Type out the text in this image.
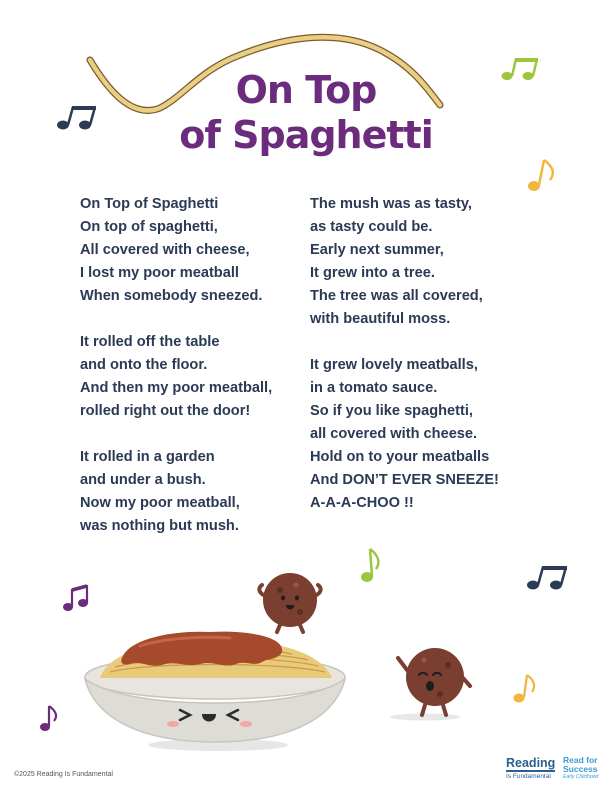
On Top
of Spaghetti
On Top of Spaghetti
On top of spaghetti,
All covered with cheese,
I lost my poor meatball
When somebody sneezed.
It rolled off the table
and onto the floor.
And then my poor meatball,
rolled right out the door!
It rolled in a garden
and under a bush.
Now my poor meatball,
was nothing but mush.
The mush was as tasty,
as tasty could be.
Early next summer,
It grew into a tree.
The tree was all covered,
with beautiful moss.
It grew lovely meatballs,
in a tomato sauce.
So if you like spaghetti,
all covered with cheese.
Hold on to your meatballs
And DON’T EVER SNEEZE!
A-A-A-CHOO !!
©2025 Reading Is Fundamental
Reading
Is Fundamental
Read for
Success
Early Childhood
